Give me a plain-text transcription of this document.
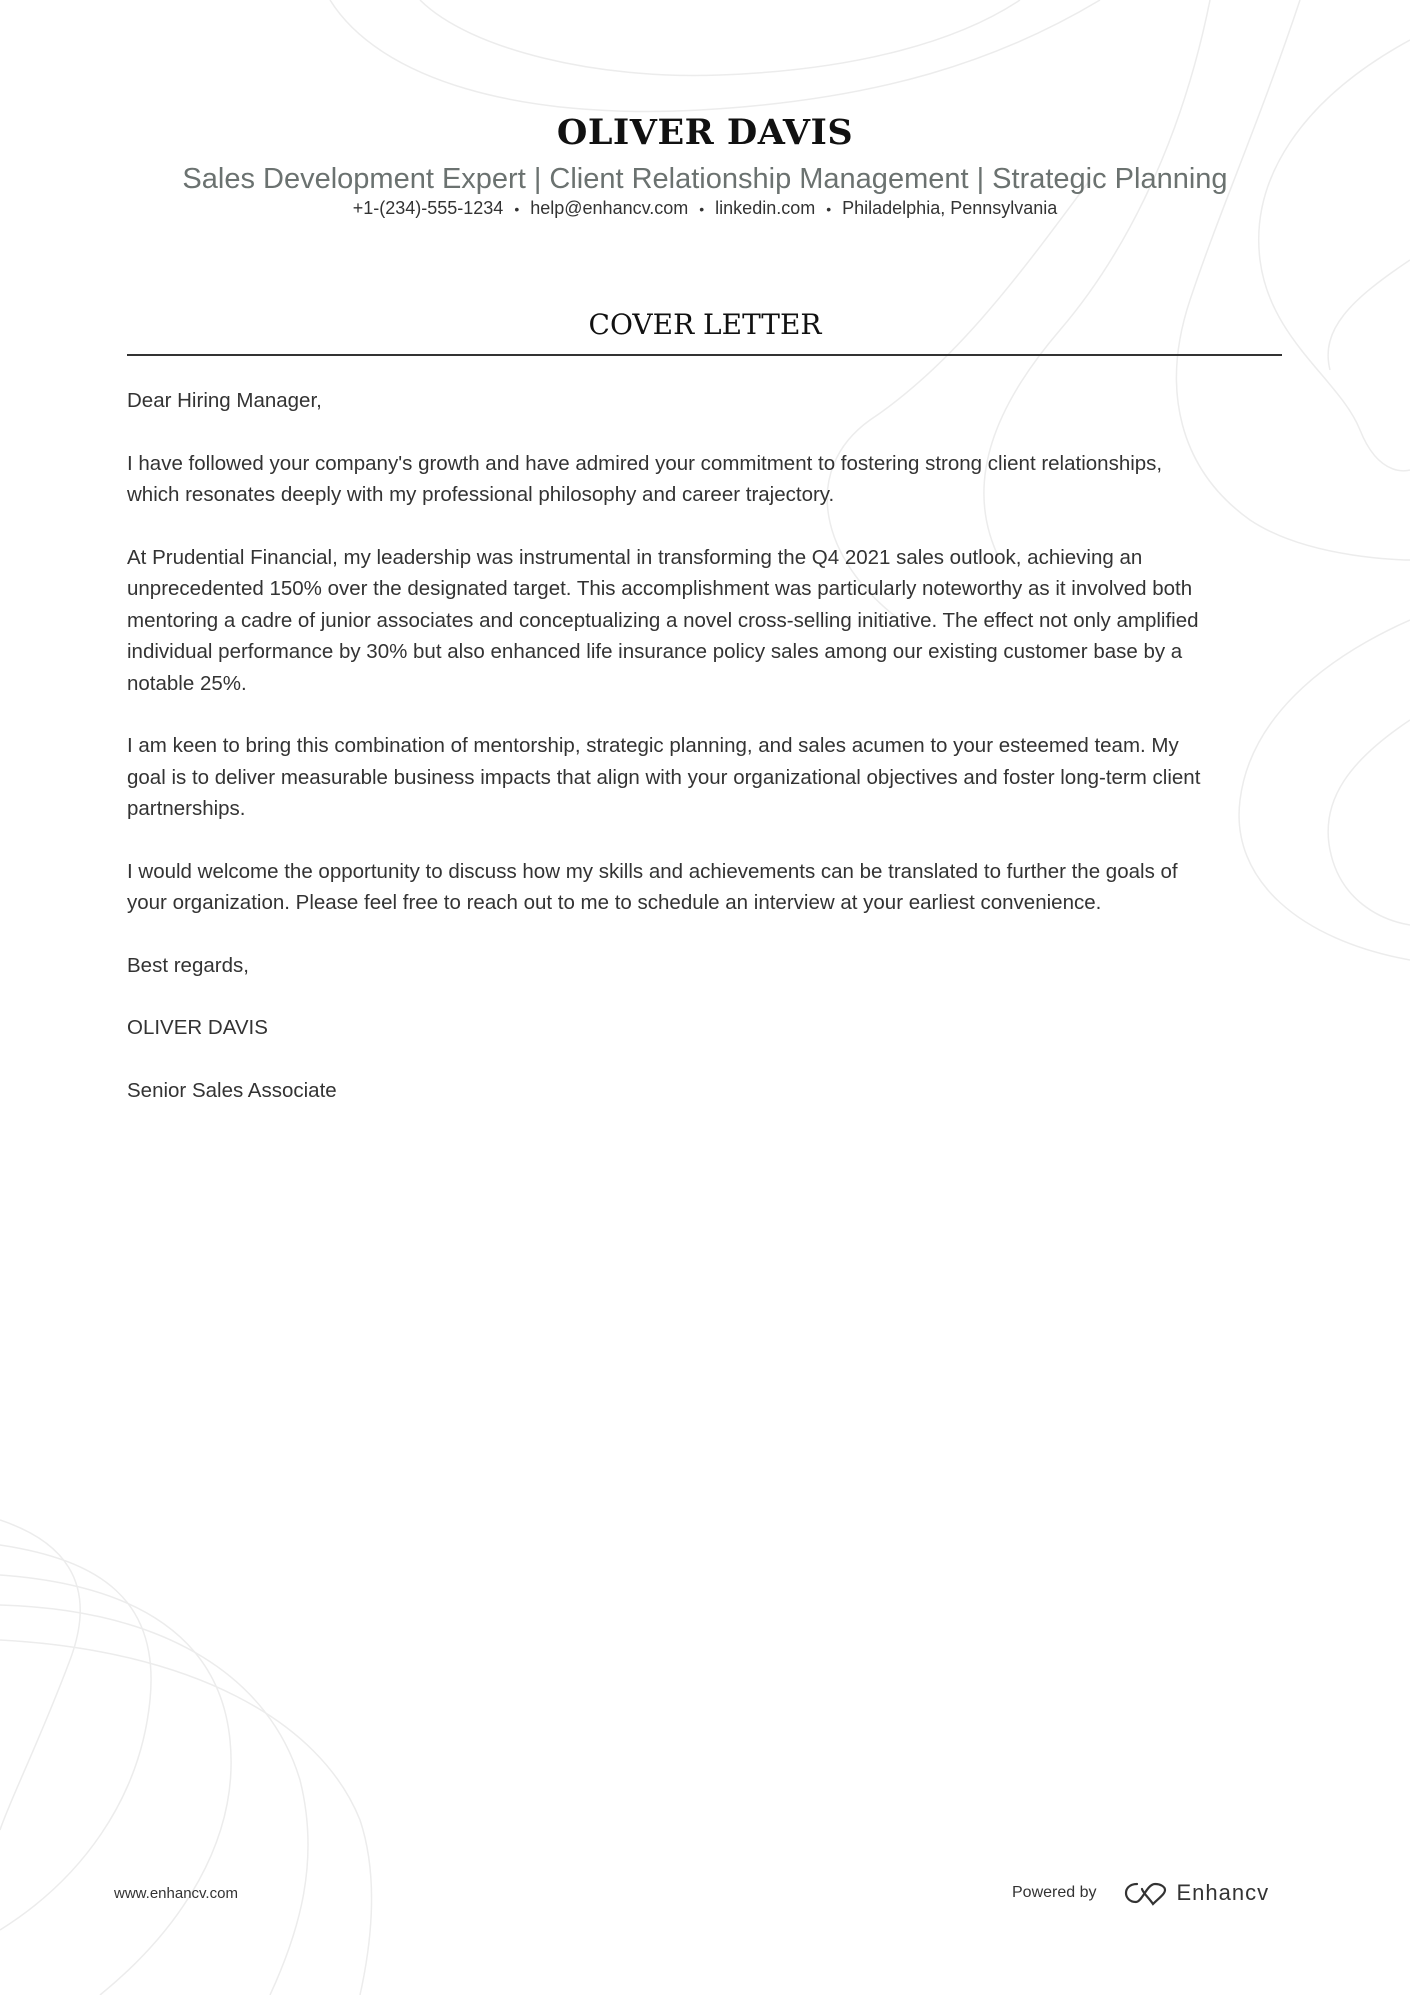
OLIVER DAVIS
Sales Development Expert | Client Relationship Management | Strategic Planning
+1-(234)-555-1234 • help@enhancv.com • linkedin.com • Philadelphia, Pennsylvania
COVER LETTER

Dear Hiring Manager,

I have followed your company's growth and have admired your commitment to fostering strong client relationships,
which resonates deeply with my professional philosophy and career trajectory.

At Prudential Financial, my leadership was instrumental in transforming the Q4 2021 sales outlook, achieving an
unprecedented 150% over the designated target. This accomplishment was particularly noteworthy as it involved both
mentoring a cadre of junior associates and conceptualizing a novel cross-selling initiative. The effect not only amplified
individual performance by 30% but also enhanced life insurance policy sales among our existing customer base by a
notable 25%.

I am keen to bring this combination of mentorship, strategic planning, and sales acumen to your esteemed team. My
goal is to deliver measurable business impacts that align with your organizational objectives and foster long-term client
partnerships.

I would welcome the opportunity to discuss how my skills and achievements can be translated to further the goals of
your organization. Please feel free to reach out to me to schedule an interview at your earliest convenience.

Best regards,

OLIVER DAVIS

Senior Sales Associate

www.enhancv.com	Powered by	Enhancv
